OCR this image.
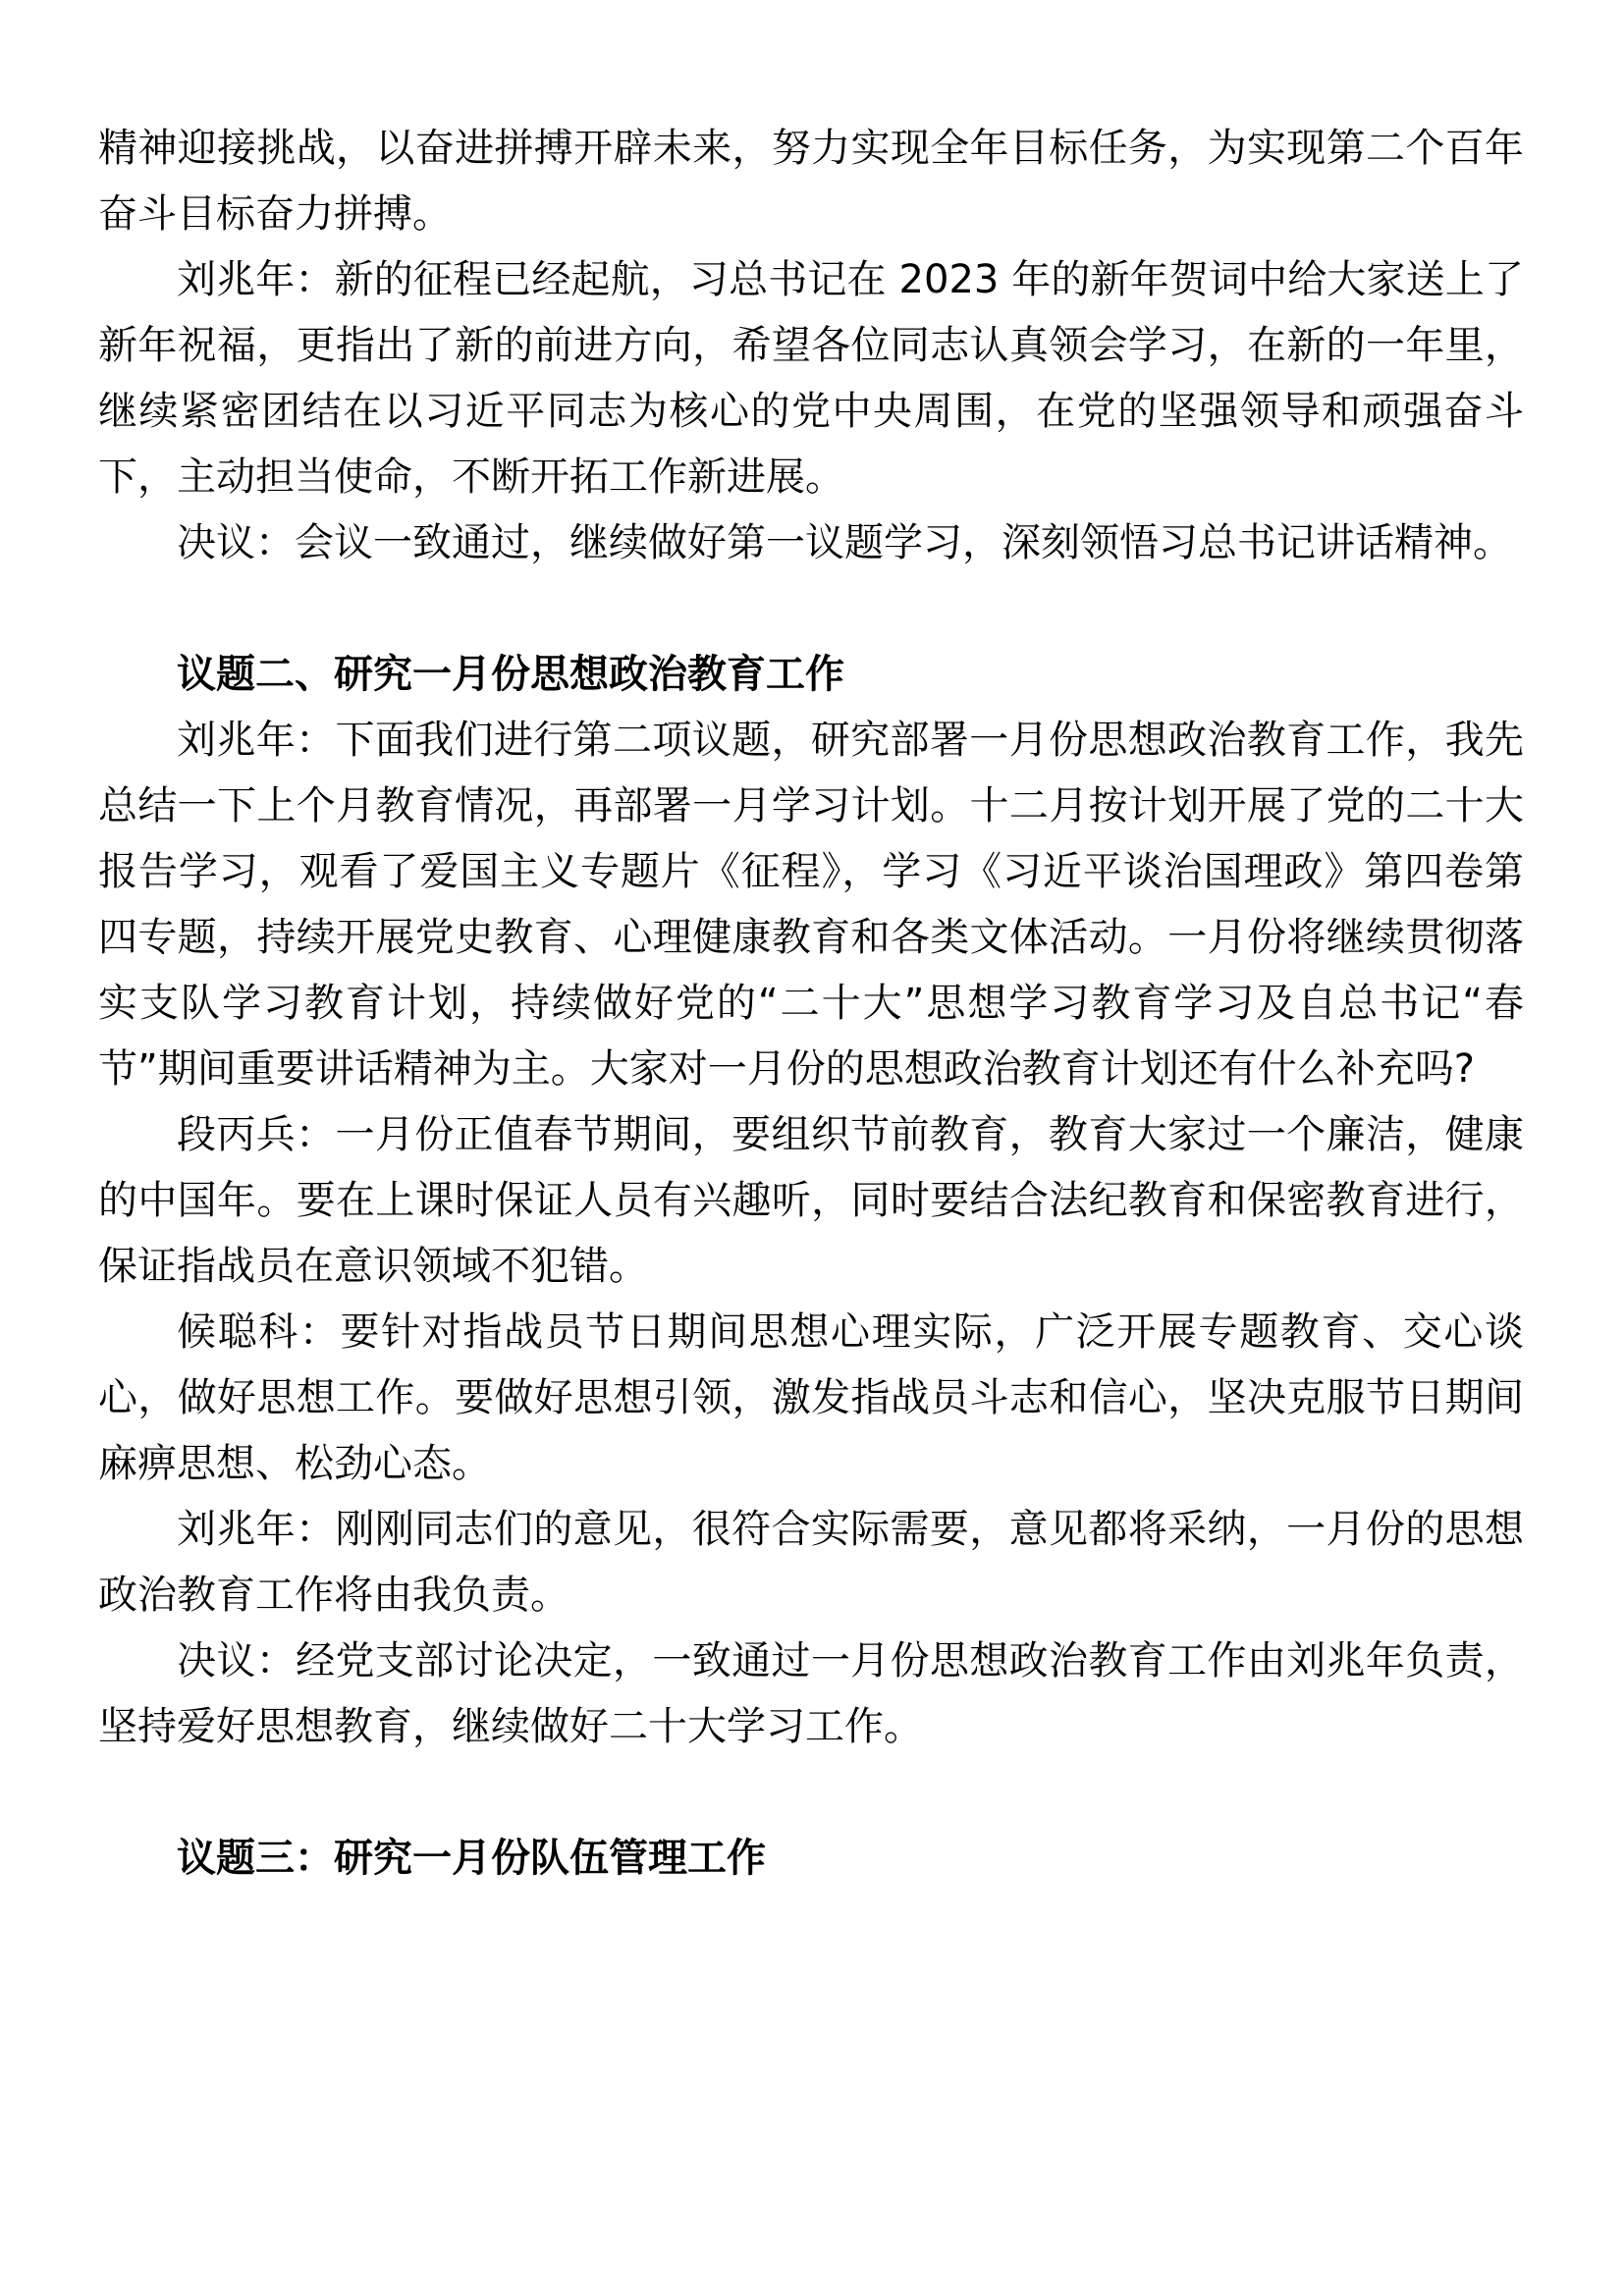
精神迎接挑战，以奋进拼搏开辟未来，努力实现全年目标任务，为实现第二个百年奋斗目标奋力拼搏。

刘兆年：新的征程已经起航，习总书记在 2023 年的新年贺词中给大家送上了新年祝福，更指出了新的前进方向，希望各位同志认真领会学习，在新的一年里，继续紧密团结在以习近平同志为核心的党中央周围，在党的坚强领导和顽强奋斗下，主动担当使命，不断开拓工作新进展。

决议：会议一致通过，继续做好第一议题学习，深刻领悟习总书记讲话精神。

议题二、研究一月份思想政治教育工作

刘兆年：下面我们进行第二项议题，研究部署一月份思想政治教育工作，我先总结一下上个月教育情况，再部署一月学习计划。十二月按计划开展了党的二十大报告学习，观看了爱国主义专题片《征程》，学习《习近平谈治国理政》第四卷第四专题，持续开展党史教育、心理健康教育和各类文体活动。一月份将继续贯彻落实支队学习教育计划，持续做好党的“二十大”思想学习教育学习及自总书记“春节”期间重要讲话精神为主。大家对一月份的思想政治教育计划还有什么补充吗?

段丙兵：一月份正值春节期间，要组织节前教育，教育大家过一个廉洁，健康的中国年。要在上课时保证人员有兴趣听，同时要结合法纪教育和保密教育进行，保证指战员在意识领域不犯错。

候聪科：要针对指战员节日期间思想心理实际，广泛开展专题教育、交心谈心，做好思想工作。要做好思想引领，激发指战员斗志和信心，坚决克服节日期间麻痹思想、松劲心态。

刘兆年：刚刚同志们的意见，很符合实际需要，意见都将采纳，一月份的思想政治教育工作将由我负责。

决议：经党支部讨论决定，一致通过一月份思想政治教育工作由刘兆年负责，坚持爱好思想教育，继续做好二十大学习工作。

议题三：研究一月份队伍管理工作
